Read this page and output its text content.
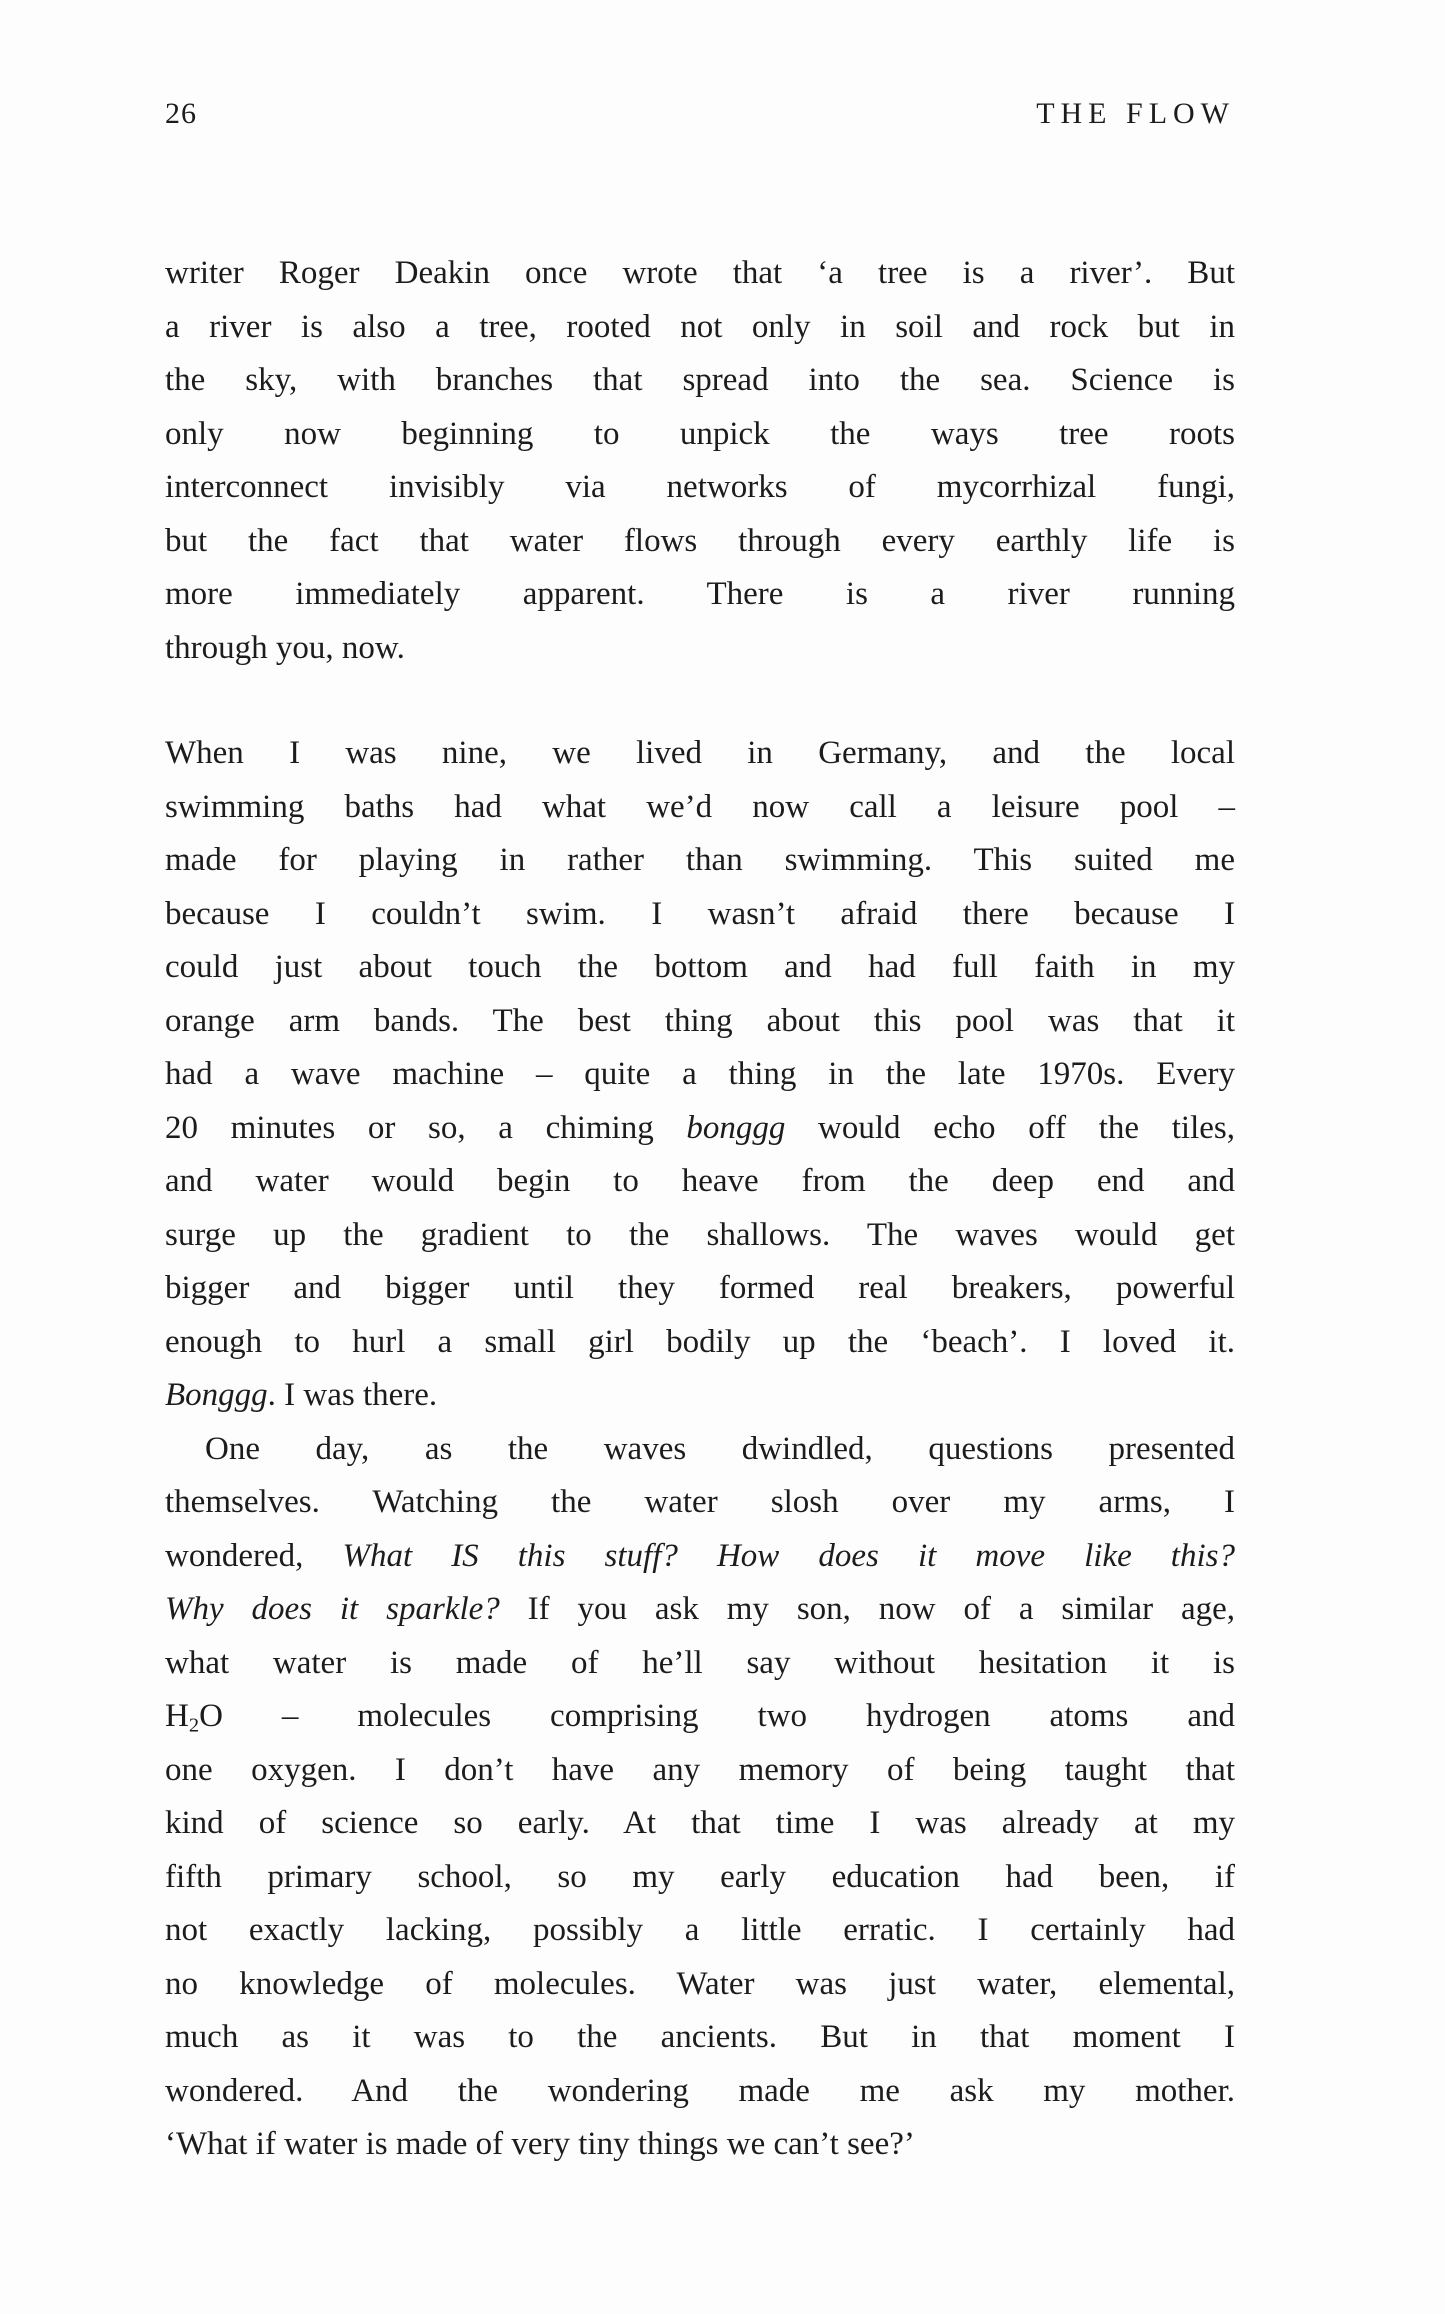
26	THE FLOW
writer Roger Deakin once wrote that ‘a tree is a river’. But
a river is also a tree, rooted not only in soil and rock but in
the sky, with branches that spread into the sea. Science is
only now beginning to unpick the ways tree roots
interconnect invisibly via networks of mycorrhizal fungi,
but the fact that water flows through every earthly life is
more immediately apparent. There is a river running
through you, now.
When I was nine, we lived in Germany, and the local
swimming baths had what we’d now call a leisure pool –
made for playing in rather than swimming. This suited me
because I couldn’t swim. I wasn’t afraid there because I
could just about touch the bottom and had full faith in my
orange arm bands. The best thing about this pool was that it
had a wave machine – quite a thing in the late 1970s. Every
20 minutes or so, a chiming bonggg would echo off the tiles,
and water would begin to heave from the deep end and
surge up the gradient to the shallows. The waves would get
bigger and bigger until they formed real breakers, powerful
enough to hurl a small girl bodily up the ‘beach’. I loved it.
Bonggg. I was there.
One day, as the waves dwindled, questions presented
themselves. Watching the water slosh over my arms, I
wondered, What IS this stuff? How does it move like this?
Why does it sparkle? If you ask my son, now of a similar age,
what water is made of he’ll say without hesitation it is
$H_2O$ – molecules comprising two hydrogen atoms and
one oxygen. I don’t have any memory of being taught that
kind of science so early. At that time I was already at my
fifth primary school, so my early education had been, if
not exactly lacking, possibly a little erratic. I certainly had
no knowledge of molecules. Water was just water, elemental,
much as it was to the ancients. But in that moment I
wondered. And the wondering made me ask my mother.
‘What if water is made of very tiny things we can’t see?’
